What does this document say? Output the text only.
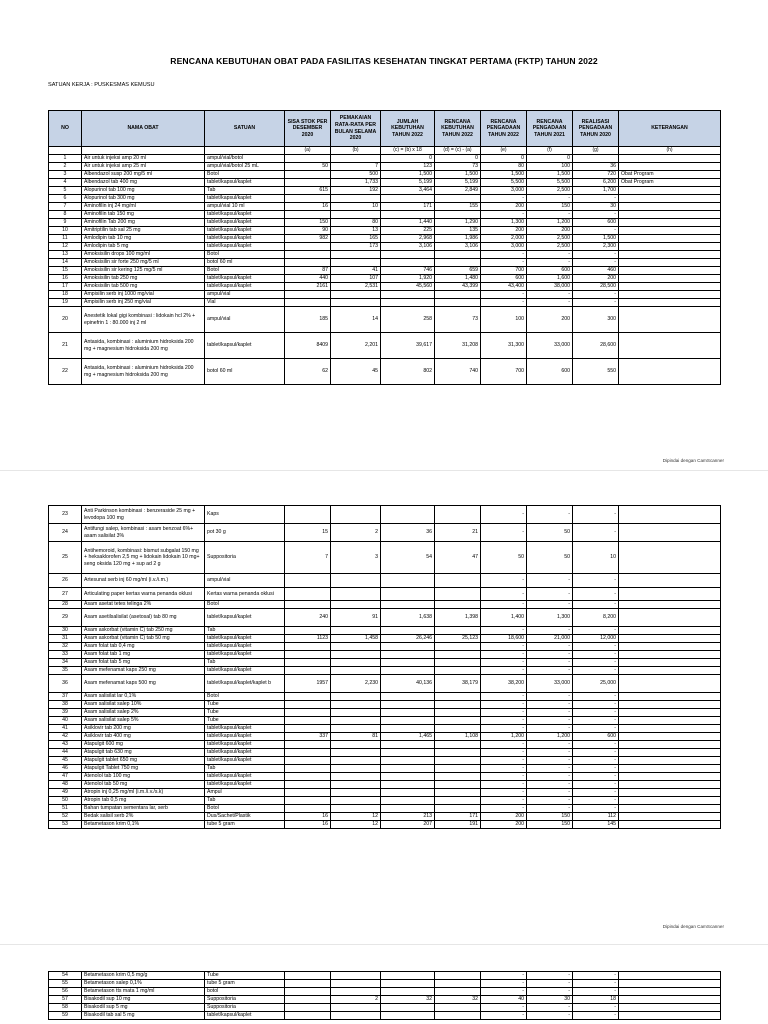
RENCANA KEBUTUHAN OBAT PADA FASILITAS KESEHATAN TINGKAT PERTAMA (FKTP) TAHUN 2022
SATUAN KERJA : PUSKESMAS KEMUSU
NO	NAMA OBAT	SATUAN	SISA STOK PER DESEMBER 2020	PEMAKAIAN RATA-RATA PER BULAN SELAMA 2020	JUMLAH KEBUTUHAN TAHUN 2022	RENCANA KEBUTUHAN TAHUN 2022	RENCANA PENGADAAN TAHUN 2022	RENCANA PENGADAAN TAHUN 2021	REALISASI PENGADAAN TAHUN 2020	KETERANGAN
			(a)	(b)	(c) = (b) x 18	(d) = (c) - (a)	(e)	(f)	(g)	(h)
1	Air untuk injeksi amp 20 ml	ampul/vial/botol			0	0	0	0		
2	Air untuk injeksi amp 25 ml	ampul/vial/botol 25 mL	50	7	123	73	80	100	36	
3	Albendazol susp 200 mg/5 ml	Botol		500	1,500	1,500	1,500	1,500	720	Obat Program
4	Albendazol tab 400 mg	tablet/kapsul/kaplet		1,733	5,199	5,199	5,500	5,500	6,200	Obat Program
5	Alopurinol tab 100 mg	Tab	615	192	3,464	2,849	3,000	2,500	1,700	
6	Alopurinol tab 300 mg	tablet/kapsul/kaplet					-	-	-	
7	Aminofilin inj 24 mg/ml	ampul/vial 10 ml	16	10	171	155	200	150	30	
8	Aminofilin tab 150 mg	tablet/kapsul/kaplet					-	-	-	
9	Aminofilin Tab 200 mg	tablet/kapsul/kaplet	150	80	1,440	1,290	1,300	1,200	600	
10	Amitriptilin tab sal 25 mg	tablet/kapsul/kaplet	90	13	225	135	200	200	-	
11	Amlodipin tab 10 mg	tablet/kapsul/kaplet	982	165	2,968	1,986	2,000	2,500	1,500	
12	Amlodipin tab 5 mg	tablet/kapsul/kaplet		173	3,106	3,106	3,000	2,500	2,300	
13	Amoksisilin drops 100 mg/ml	Botol					-	-	-	
14	Amoksisilin sir forte 250 mg/5 ml	botol 60 ml					-	-	-	
15	Amoksisilin sir kering 125 mg/5 ml	Botol	87	41	746	659	700	600	460	
16	Amoksisilin tab 250 mg	tablet/kapsul/kaplet	440	107	1,920	1,480	600	1,600	200	
17	Amoksisilin tab 500 mg	tablet/kapsul/kaplet	2161	2,531	45,560	43,399	43,400	38,000	28,500	
18	Ampisilin serb inj 1000 mg/vial	ampul/vial					-	-	-	
19	Ampisilin serb inj 250 mg/vial	Vial					-	-	-	
20	Anestetik lokal gigi kombinasi : lidokain hcl 2% + epinefrin 1 : 80.000 inj 2 ml	ampul/vial	185	14	258	73	100	200	300	
21	Antasida, kombinasi : aluminium hidroksida 200 mg + magnesium hidroksida 200 mg	tablet/kapsul/kaplet	8409	2,201	39,617	31,208	31,300	33,000	28,600	
22	Antasida, kombinasi : aluminium hidroksida 200 mg + magnesium hidroksida 200 mg	botol 60 ml	62	45	802	740	700	600	550	
Dipindai dengan CamScanner
23	Anti Parkinson kombinasi : benzeraside 25 mg + levodopa 100 mg	Kaps					-	-	-	
24	Antifungi salep, kombinasi : asam benzoat 6%+ asam salisilat 3%	pot 30 g	15	2	36	21	-	50	-	
25	Antihemoroid, kombinasi: bismut subgalat 150 mg + heksaklorofen 2,5 mg + lidokain lidokain 10 mg+ seng oksida 120 mg + sup ad 2 g	Suppositoria	7	3	54	47	50	50	10	
26	Artesunat serb inj 60 mg/ml (i.v./i.m.)	ampul/vial					-	-	-	
27	Articulating paper kertas warna penanda oklusi	Kertas warna penanda oklusi					-	-	-	
28	Asam asetat tetes telinga 2%	Botol					-	-	-	
29	Asam asetilsalisilat (asetosal) tab 80 mg	tablet/kapsul/kaplet	240	91	1,638	1,398	1,400	1,300	8,200	
30	Asam askorbat (vitamin C) tab 250 mg	Tab					-	-	-	
31	Asam askorbat (vitamin C) tab 50 mg	tablet/kapsul/kaplet	1123	1,458	26,246	25,123	18,600	21,000	12,000	
32	Asam folat tab 0,4 mg	tablet/kapsul/kaplet					-	-	-	
33	Asam folat tab 1 mg	tablet/kapsul/kaplet					-	-	-	
34	Asam folat tab 5 mg	Tab					-	-	-	
35	Asam mefenamat kaps 250 mg	tablet/kapsul/kaplet					-	-	-	
36	Asam mefenamat kaps 500 mg	tablet/kapsul/kaplet/kaplet b	1957	2,230	40,136	38,179	38,200	33,000	25,000	
37	Asam salisilat lar 0,1%	Botol					-	-	-	
38	Asam salisilat salep 10%	Tube					-	-	-	
39	Asam salisilat salep 2%	Tube					-	-	-	
40	Asam salisilat salep 5%	Tube					-	-	-	
41	Asiklovir tab 200 mg	tablet/kapsul/kaplet					-	-	-	
42	Asiklovir tab 400 mg	tablet/kapsul/kaplet	337	81	1,465	1,108	1,200	1,200	600	
43	Atapulgit 600 mg	tablet/kapsul/kaplet					-	-	-	
44	Atapulgit tab 630 mg	tablet/kapsul/kaplet					-	-	-	
45	Atapulgit tablet 650 mg	tablet/kapsul/kaplet					-	-	-	
46	Atapulgit Tablet 750 mg	Tab					-	-	-	
47	Atenolol tab 100 mg	tablet/kapsul/kaplet					-	-	-	
48	Atenolol tab 50 mg	tablet/kapsul/kaplet					-	-	-	
49	Atropin inj 0,25 mg/ml (i.m./i.v./s.k)	Ampul					-	-	-	
50	Atropin tab 0,5 mg	Tab					-	-	-	
51	Bahan tumpatan sementara lar, serb	Botol					-	-	-	
52	Bedak salisil serb 2%	Dus/Sachet/Plastik	16	12	213	171	200	150	112	
53	Betametason krim 0,1%	tube 5 gram	16	12	207	191	200	150	145	
Dipindai dengan CamScanner
54	Betametason krim 0,5 mg/g	Tube					-	-	-	
55	Betametason salep 0,1%	tube 5 gram					-	-	-	
56	Betametason tts mata 1 mg/ml	botol					-	-	-	
57	Bisakodil sup 10 mg	Suppositoria		2	32	32	40	30	18	
58	Bisakodil sup 5 mg	Suppositoria					-	-	-	
59	Bisakodil tab sal 5 mg	tablet/kapsul/kaplet					-	-	-	
